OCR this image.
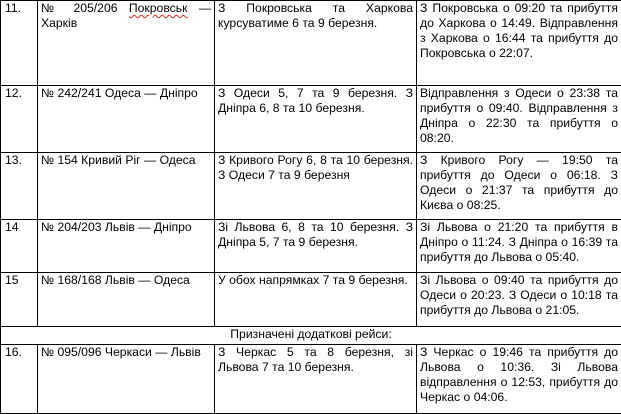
11.	№ 205/206 Покровськ — Харків	З Покровська та Харкова курсуватиме 6 та 9 березня.	З Покровська о 09:20 та прибуття до Харкова о 14:49. Відправлення з Харкова о 16:44 та прибуття до Покровська о 22:07.
12.	№ 242/241 Одеса — Дніпро	З Одеси 5, 7 та 9 березня. З Дніпра 6, 8 та 10 березня.	Відправлення з Одеси о 23:38 та прибуття о 09:40. Відправлення з Дніпра о 22:30 та прибуття о 08:20.
13.	№ 154 Кривий Ріг — Одеса	З Кривого Рогу 6, 8 та 10 березня. З Одеси 7 та 9 березня	З Кривого Рогу — 19:50 та прибуття до Одеси о 06:18. З Одеси о 21:37 та прибуття до Києва о 08:25.
14	№ 204/203 Львів — Дніпро	Зі Львова 6, 8 та 10 березня. З Дніпра 5, 7 та 9 березня.	Зі Львова о 21:20 та прибуття в Дніпро о 11:24. З Дніпра о 16:39 та прибуття до Львова о 05:40.
15	№ 168/168 Львів — Одеса	У обох напрямках 7 та 9 березня.	Зі Львова о 09:40 та прибуття до Одеси о 20:23. З Одеси о 10:18 та прибуття до Львова о 21:05.
Призначені додаткові рейси:			
16.	№ 095/096 Черкаси — Львів	З Черкас 5 та 8 березня, зі Львова 7 та 10 березня.	З Черкас о 19:46 та прибуття до Львова о 10:36. Зі Львова відправлення о 12:53, прибуття до Черкас о 04:06.
